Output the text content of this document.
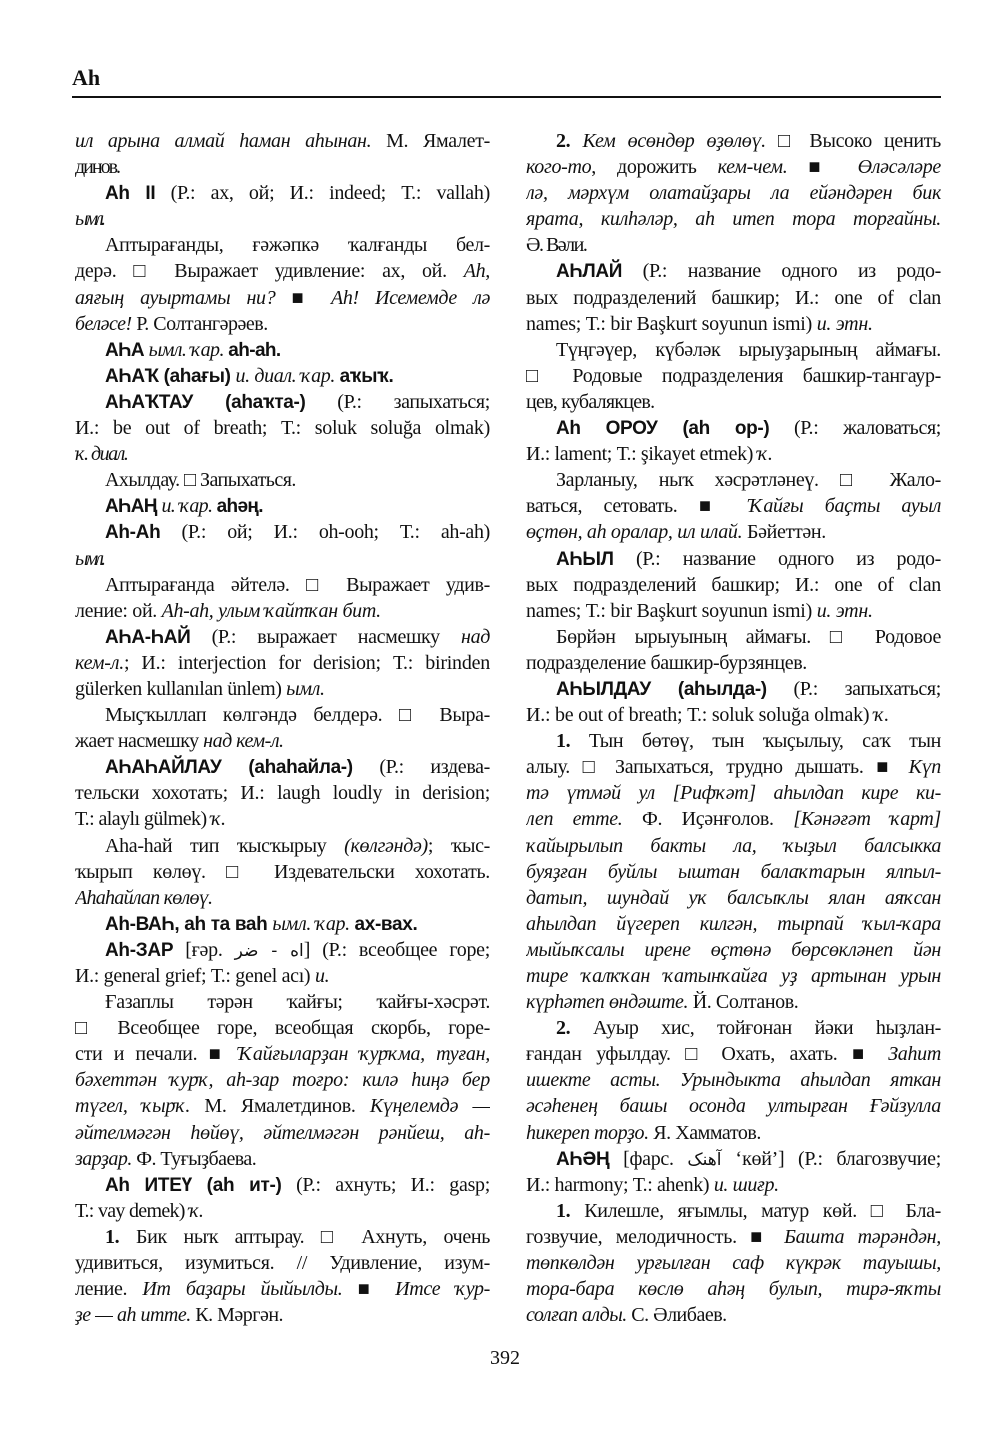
Аһ
ил арына алмай һаман аһынан. М. Ямалет-
динов.
Аһ II (Р.: ах, ой; И.: indeed; Т.: vallah)
ымл.
Аптырағанды, ғәжәпкә ҡалғанды бел-
дерә. □ Выражает удивление: ах, ой. Аһ,
аяғың ауыртамы ни? ■ Аһ! Исемемде лә
беләсе! Р. Солтангәрәев.
АҺА ымл. ҡар. аһ-аһ.
АҺАҠ (аһағы) и. диал. ҡар. аҡыҡ.
АҺАҠТАУ (аһаҡта-) (Р.: запыхаться;
И.: be out of breath; Т.: soluk soluğa olmak)
ҡ. диал.
Ахылдау. □ Запыхаться.
АҺАҢ и. ҡар. аһәң.
Аһ-Аһ (Р.: ой; И.: oh-ooh; Т.: ah-ah)
ымл.
Аптырағанда әйтелә. □ Выражает удив-
ление: ой. Аһ-аһ, улым ҡайтҡан бит.
АҺА-ҺАЙ (Р.: выражает насмешку над
кем-л.; И.: interjection for derision; Т.: birinden
gülerken kullanılan ünlem) ымл.
Мыҫҡыллап көлгәндә белдерә. □ Выра-
жает насмешку над кем-л.
АҺАҺАЙЛАУ (аһаһайла-) (Р.: издева-
тельски хохотать; И.: laugh loudly in derision;
Т.: alaylı gülmek) ҡ.
Аһа-һай тип ҡысҡырыу (көлгәндә); ҡыс-
ҡырып көлөү. □ Издевательски хохотать.
Аһаһайлап көлөү.
Аһ-ВАҺ, аһ та ваһ ымл. ҡар. ах-вах.
Аһ-ЗАР [ғәр. اه - ضر] (Р.: всеобщее горе;
И.: general grief; Т.: genel acı) и.
Ғазаплы тәрән ҡайғы; ҡайғы-хәсрәт.
□ Всеобщее горе, всеобщая скорбь, горе-
сти и печали. ■ Ҡайғыларҙан ҡурҡма, туған,
бәхеттән ҡурҡ, аһ-зар тоғро: килә һиңә бер
түгел, ҡырҡ. М. Ямалетдинов. Күңелемдә —
әйтелмәгән һөйөү, әйтелмәгән рәнйеш, аһ-
зарҙар. Ф. Туғыҙбаева.
Аһ ИТЕҮ (аһ ит-) (Р.: ахнуть; И.: gasp;
Т.: vay demek) ҡ.
1. Бик ныҡ аптырау. □ Ахнуть, очень
удивиться, изумиться. // Удивление, изум-
ление. Ит баҙары йыйылды. ■ Итсе ҡур-
ҙе — аһ итте. К. Мәргән.
2. Кем өсөндөр өҙөлөү. □ Высоко ценить
кого-то, дорожить кем-чем. ■ Өләсәләре
лә, мәрхүм олатайҙары ла ейәндәрен бик
ярата, килһәләр, аһ итеп тора торғайны.
Ә. Вәли.
АҺЛАЙ (Р.: название одного из родо-
вых подразделений башкир; И.: one of clan
names; Т.: bir Başkurt soyunun ismi) и. этн.
Түңгәүер, күбәләк ырыуҙарының аймағы.
□ Родовые подразделения башкир-тангаур-
цев, кубалякцев.
Аһ ОРОУ (аһ ор-) (Р.: жаловаться;
И.: lament; Т.: şikayet etmek) ҡ.
Зарланыу, ныҡ хәсрәтләнеү. □ Жало-
ваться, сетовать. ■ Ҡайғы баҫты ауыл
өҫтөн, аһ оралар, ил илай. Бәйеттән.
АҺЫЛ (Р.: название одного из родо-
вых подразделений башкир; И.: one of clan
names; Т.: bir Başkurt soyunun ismi) и. этн.
Бөрйән ырыуының аймағы. □ Родовое
подразделение башкир-бурзянцев.
АҺЫЛДАУ (аһылда-) (Р.: запыхаться;
И.: be out of breath; Т.: soluk soluğa olmak) ҡ.
1. Тын бөтөү, тын ҡыҫылыу, саҡ тын
алыу. □ Запыхаться, трудно дышать. ■ Күп
тә үтмәй ул [Рифҡәт] аһылдап кире ки-
леп етте. Ф. Иҫәнғолов. [Кәнәғәт ҡарт]
ҡайырылып бакты ла, ҡыҙыл балсыкка
буяҙған буйлы ыштан балаҡтарын ялпыл-
датып, шундай уҡ балсыҡлы ялан аяҡсан
аһылдап йүгереп килгән, тырпай ҡыл-ҡара
мыйыҡсалы ирене өҫтөнә бөрсөкләнеп йән
тире ҡалҡҡан ҡатынҡайға уҙ артынан урын
күрһәтеп өндәште. Й. Солтанов.
2. Ауыр хис, тойғонан йәки һыҙлан-
ғандан уфылдау. □ Охать, ахать. ■ Заһит
ишекте асты. Урындыкта аһылдап яткан
әсәһенең башы осонда ултырған Ғәйзулла
һикереп торҙо. Я. Хамматов.
АҺӘҢ [фарс. آهنک ‘көй’] (Р.: благозвучие;
И.: harmony; Т.: ahenk) и. шиғр.
1. Килешле, яғымлы, матур көй. □ Бла-
гозвучие, мелодичность. ■ Башта тәрәндән,
төпкөлдән урғылған саф күкрәк тауышы,
тора-бара көслө аһәң булып, тирә-яҡты
солғап алды. С. Әлибаев.
392
